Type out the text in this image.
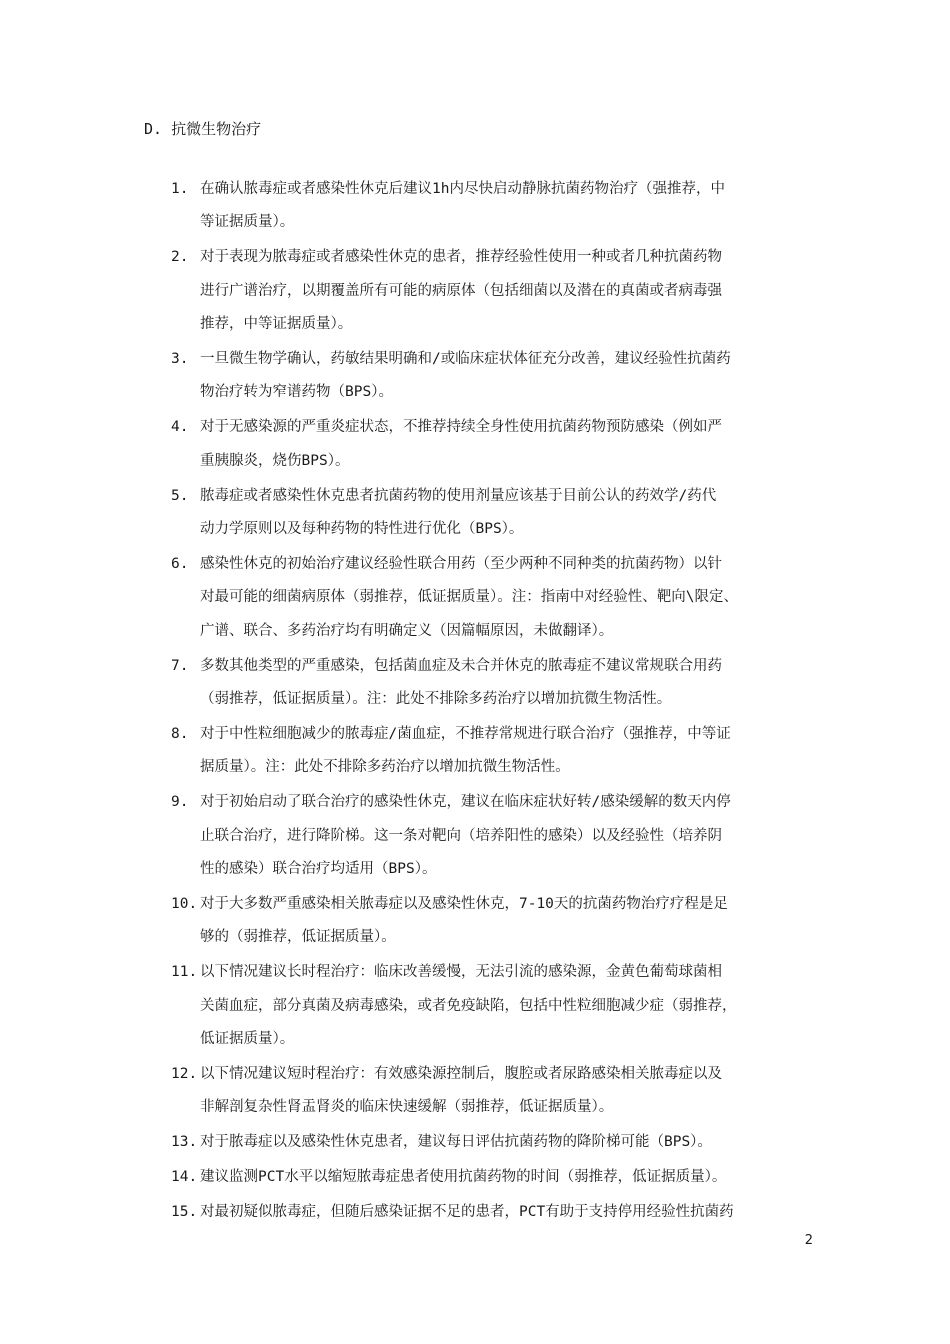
D. 抗微生物治疗
1. 在确认脓毒症或者感染性休克后建议1h内尽快启动静脉抗菌药物治疗（强推荐，中
等证据质量）。
2. 对于表现为脓毒症或者感染性休克的患者，推荐经验性使用一种或者几种抗菌药物
进行广谱治疗，以期覆盖所有可能的病原体（包括细菌以及潜在的真菌或者病毒强
推荐，中等证据质量）。
3. 一旦微生物学确认，药敏结果明确和/或临床症状体征充分改善，建议经验性抗菌药
物治疗转为窄谱药物（BPS）。
4. 对于无感染源的严重炎症状态，不推荐持续全身性使用抗菌药物预防感染（例如严
重胰腺炎，烧伤BPS）。
5. 脓毒症或者感染性休克患者抗菌药物的使用剂量应该基于目前公认的药效学/药代
动力学原则以及每种药物的特性进行优化（BPS）。
6. 感染性休克的初始治疗建议经验性联合用药（至少两种不同种类的抗菌药物）以针
对最可能的细菌病原体（弱推荐，低证据质量）。注：指南中对经验性、靶向\限定、
广谱、联合、多药治疗均有明确定义（因篇幅原因，未做翻译）。
7. 多数其他类型的严重感染，包括菌血症及未合并休克的脓毒症不建议常规联合用药
（弱推荐，低证据质量）。注：此处不排除多药治疗以增加抗微生物活性。
8. 对于中性粒细胞减少的脓毒症/菌血症，不推荐常规进行联合治疗（强推荐，中等证
据质量）。注：此处不排除多药治疗以增加抗微生物活性。
9. 对于初始启动了联合治疗的感染性休克，建议在临床症状好转/感染缓解的数天内停
止联合治疗，进行降阶梯。这一条对靶向（培养阳性的感染）以及经验性（培养阴
性的感染）联合治疗均适用（BPS）。
10. 对于大多数严重感染相关脓毒症以及感染性休克，7-10天的抗菌药物治疗疗程是足
够的（弱推荐，低证据质量）。
11. 以下情况建议长时程治疗：临床改善缓慢，无法引流的感染源，金黄色葡萄球菌相
关菌血症，部分真菌及病毒感染，或者免疫缺陷，包括中性粒细胞减少症（弱推荐，
低证据质量）。
12. 以下情况建议短时程治疗：有效感染源控制后，腹腔或者尿路感染相关脓毒症以及
非解剖复杂性肾盂肾炎的临床快速缓解（弱推荐，低证据质量）。
13. 对于脓毒症以及感染性休克患者，建议每日评估抗菌药物的降阶梯可能（BPS）。
14. 建议监测PCT水平以缩短脓毒症患者使用抗菌药物的时间（弱推荐，低证据质量）。
15. 对最初疑似脓毒症，但随后感染证据不足的患者，PCT有助于支持停用经验性抗菌药
2
